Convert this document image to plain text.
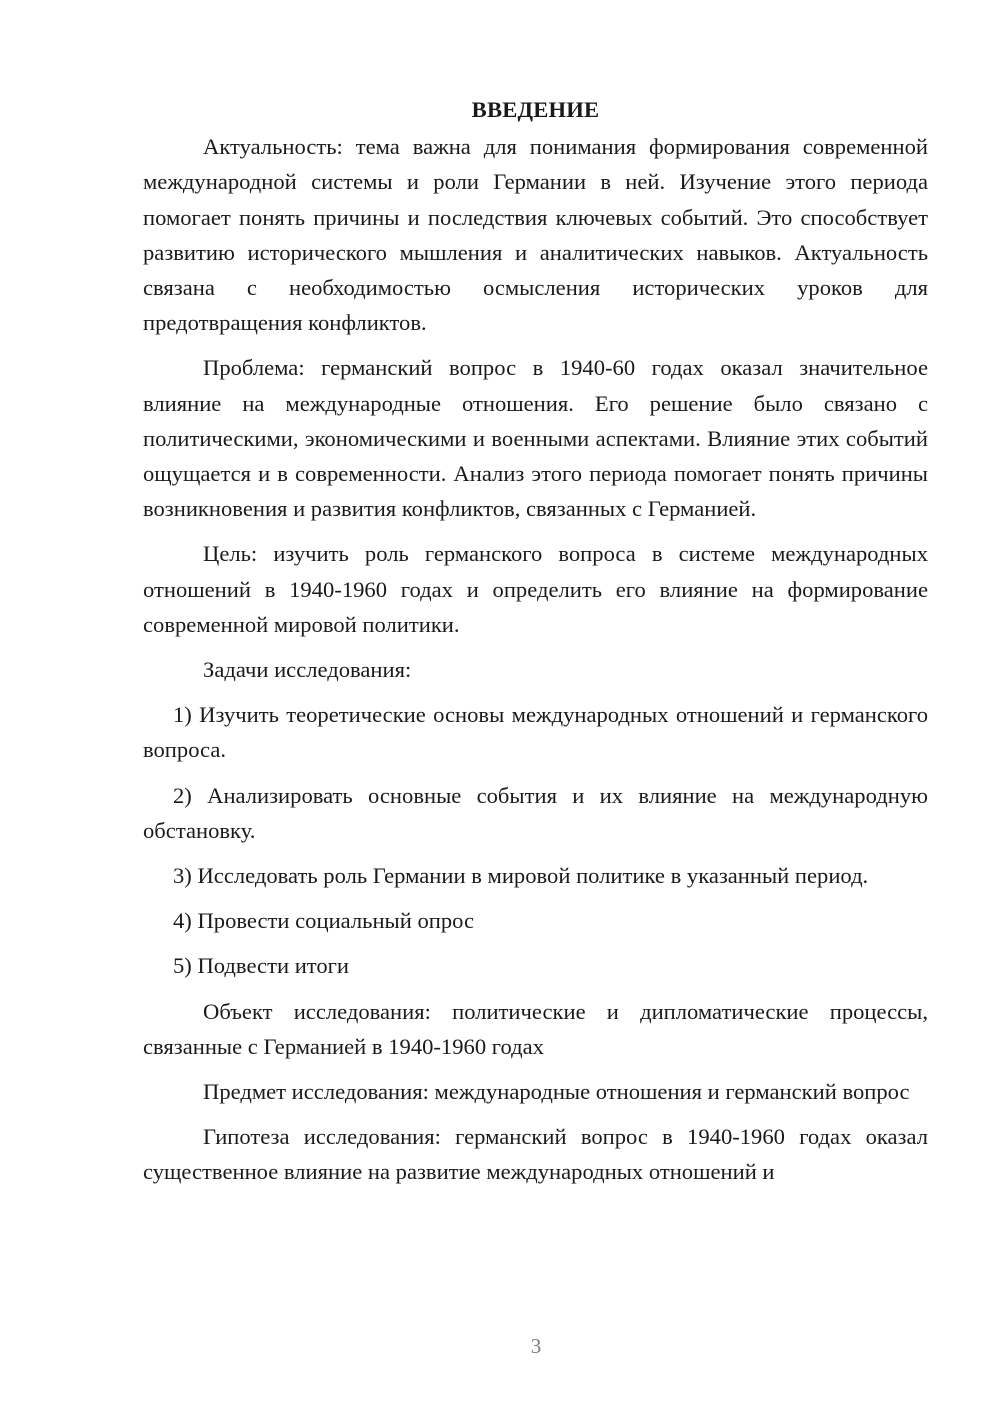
ВВЕДЕНИЕ

Актуальность: тема важна для понимания формирования современной международной системы и роли Германии в ней. Изучение этого периода помогает понять причины и последствия ключевых событий. Это способствует развитию исторического мышления и аналитических навыков. Актуальность связана с необходимостью осмысления исторических уроков для предотвращения конфликтов.

Проблема: германский вопрос в 1940-60 годах оказал значительное влияние на международные отношения. Его решение было связано с политическими, экономическими и военными аспектами. Влияние этих событий ощущается и в современности. Анализ этого периода помогает понять причины возникновения и развития конфликтов, связанных с Германией.

Цель: изучить роль германского вопроса в системе международных отношений в 1940-1960 годах и определить его влияние на формирование современной мировой политики.

Задачи исследования:

1) Изучить теоретические основы международных отношений и германского вопроса.

2) Анализировать основные события и их влияние на международную обстановку.

3) Исследовать роль Германии в мировой политике в указанный период.

4) Провести социальный опрос

5) Подвести итоги

Объект исследования: политические и дипломатические процессы, связанные с Германией в 1940-1960 годах

Предмет исследования: международные отношения и германский вопрос

Гипотеза исследования: германский вопрос в 1940-1960 годах оказал существенное влияние на развитие международных отношений и

3
